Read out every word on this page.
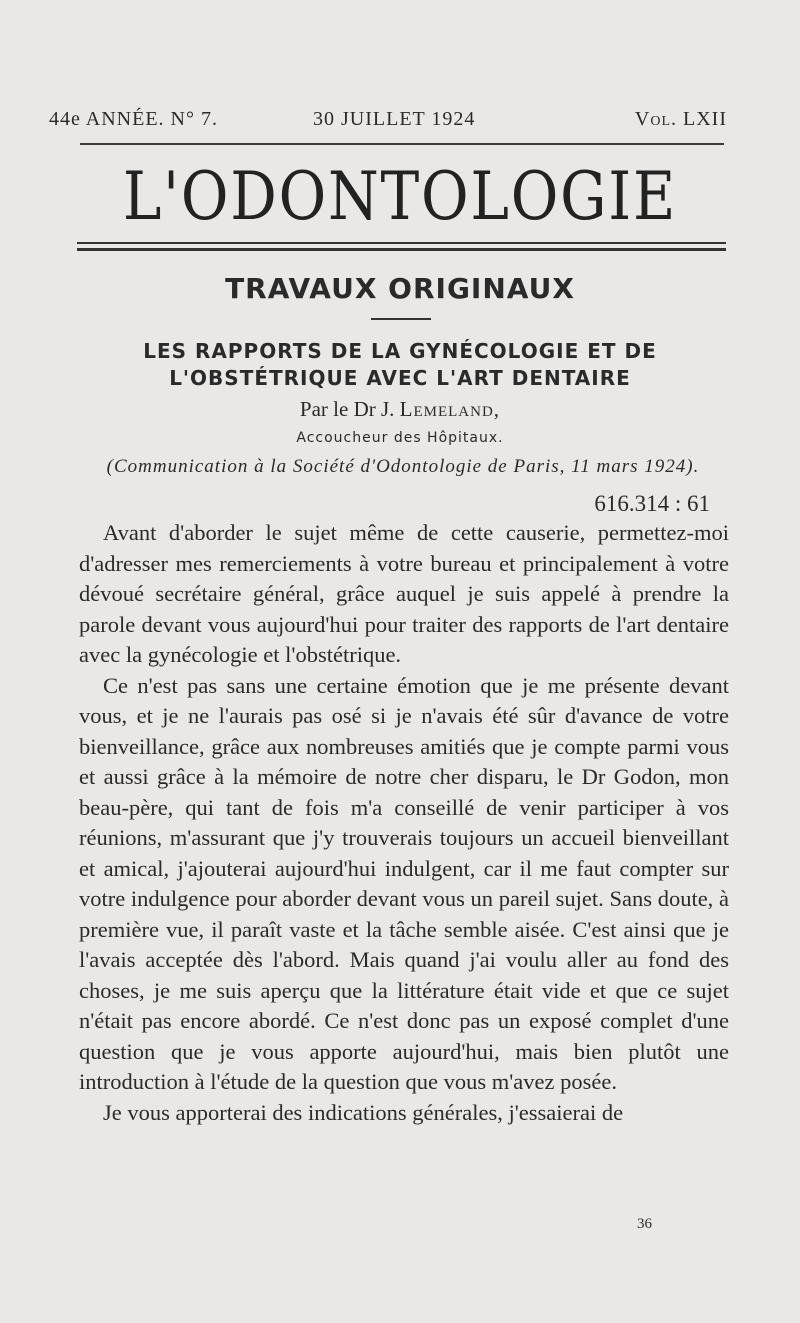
44e ANNÉE. N° 7.	30 JUILLET 1924	Vol. LXII
L'ODONTOLOGIE
TRAVAUX ORIGINAUX
LES RAPPORTS DE LA GYNÉCOLOGIE ET DE
L'OBSTÉTRIQUE AVEC L'ART DENTAIRE
Par le Dr J. Lemeland,
Accoucheur des Hôpitaux.
(Communication à la Société d'Odontologie de Paris, 11 mars 1924).
616.314 : 61

Avant d'aborder le sujet même de cette causerie, permettez-moi d'adresser mes remerciements à votre bureau et principalement à votre dévoué secrétaire général, grâce auquel je suis appelé à prendre la parole devant vous aujourd'hui pour traiter des rapports de l'art dentaire avec la gynécologie et l'obstétrique.

Ce n'est pas sans une certaine émotion que je me présente devant vous, et je ne l'aurais pas osé si je n'avais été sûr d'avance de votre bienveillance, grâce aux nombreuses amitiés que je compte parmi vous et aussi grâce à la mémoire de notre cher disparu, le Dr Godon, mon beau-père, qui tant de fois m'a conseillé de venir participer à vos réunions, m'assurant que j'y trouverais toujours un accueil bienveillant et amical, j'ajouterai aujourd'hui indulgent, car il me faut compter sur votre indulgence pour aborder devant vous un pareil sujet. Sans doute, à première vue, il paraît vaste et la tâche semble aisée. C'est ainsi que je l'avais acceptée dès l'abord. Mais quand j'ai voulu aller au fond des choses, je me suis aperçu que la littérature était vide et que ce sujet n'était pas encore abordé. Ce n'est donc pas un exposé complet d'une question que je vous apporte aujourd'hui, mais bien plutôt une introduction à l'étude de la question que vous m'avez posée.

Je vous apporterai des indications générales, j'essaierai de

36
